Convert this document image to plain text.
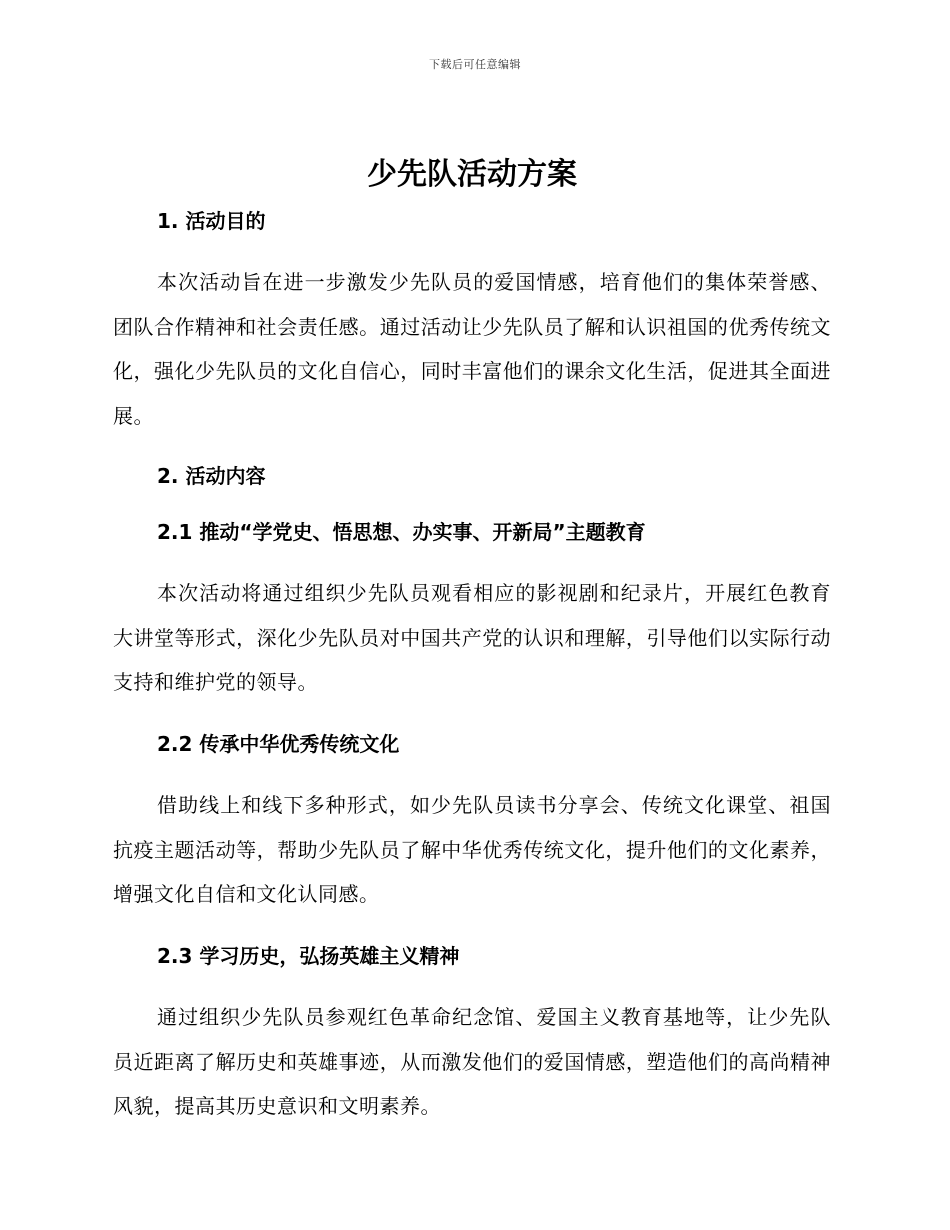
下载后可任意编辑
少先队活动方案
1. 活动目的

本次活动旨在进一步激发少先队员的爱国情感，培育他们的集体荣誉感、团队合作精神和社会责任感。通过活动让少先队员了解和认识祖国的优秀传统文化，强化少先队员的文化自信心，同时丰富他们的课余文化生活，促进其全面进展。

2. 活动内容
2.1 推动“学党史、悟思想、办实事、开新局”主题教育

本次活动将通过组织少先队员观看相应的影视剧和纪录片，开展红色教育大讲堂等形式，深化少先队员对中国共产党的认识和理解，引导他们以实际行动支持和维护党的领导。

2.2 传承中华优秀传统文化

借助线上和线下多种形式，如少先队员读书分享会、传统文化课堂、祖国抗疫主题活动等，帮助少先队员了解中华优秀传统文化，提升他们的文化素养，增强文化自信和文化认同感。

2.3 学习历史，弘扬英雄主义精神

通过组织少先队员参观红色革命纪念馆、爱国主义教育基地等，让少先队员近距离了解历史和英雄事迹，从而激发他们的爱国情感，塑造他们的高尚精神风貌，提高其历史意识和文明素养。
